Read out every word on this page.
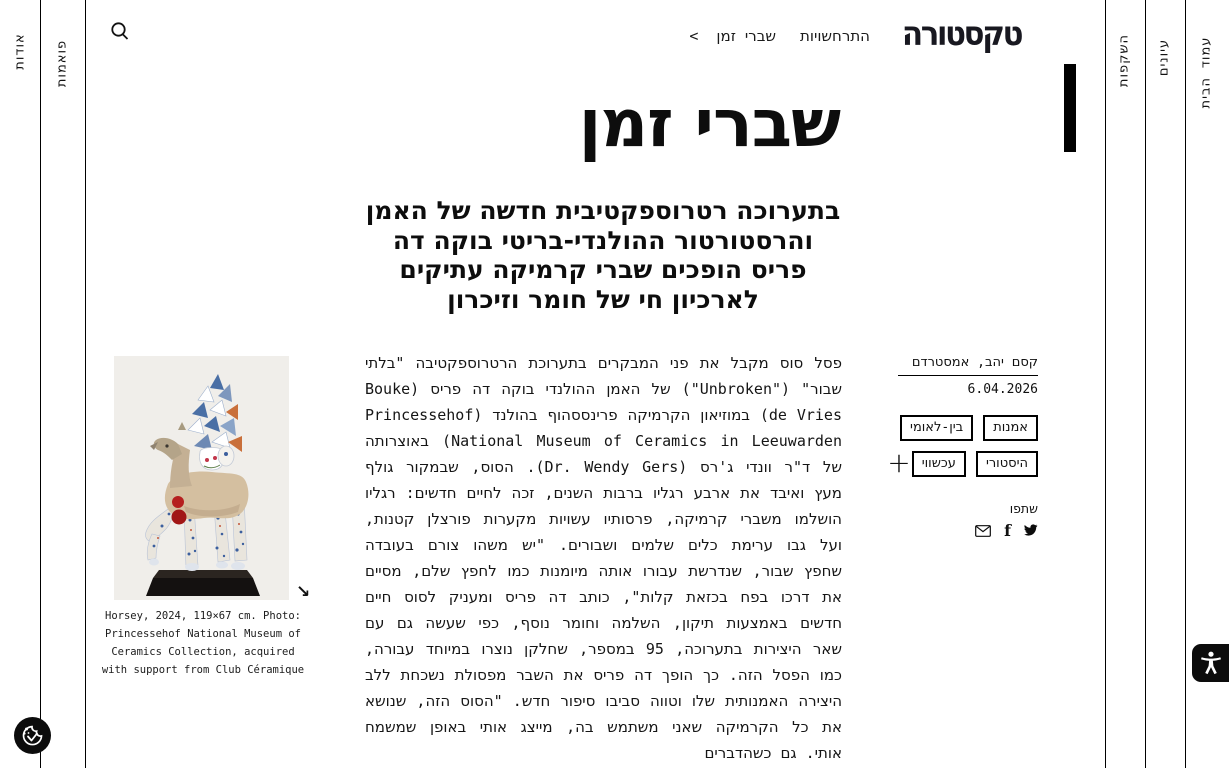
אודות פואמות	השקפות עיונים עמוד הבית
< שברי זמן התרחשויות טקסטורה
שברי זמן
בתערוכה רטרוספקטיבית חדשה של האמן והרסטורטור ההולנדי-בריטי בוקה דה פריס הופכים שברי קרמיקה עתיקים לארכיון חי של חומר וזיכרון
קסם יהב, אמסטרדם
6.04.2026
אמנות
בין-לאומי
היסטורי
עכשווי
+
שתפו
f
↘
Horsey, 2024, 119×67 cm. Photo: Princessehof National Museum of Ceramics Collection, acquired with support from Club Céramique
פסל סוס מקבל את פני המבקרים בתערוכת הרטרוספקטיבה "בלתי שבור" ("Unbroken") של האמן ההולנדי בוקה דה פריס (Bouke de Vries) במוזיאון הקרמיקה פרינססהוף בהולנד (Princessehof National Museum of Ceramics in Leeuwarden) באוצרותה של ד"ר וונדי ג'רס (Dr. Wendy Gers). הסוס, שבמקור גולף מעץ ואיבד את ארבע רגליו ברבות השנים, זכה לחיים חדשים: רגליו הושלמו משברי קרמיקה, פרסותיו עשויות מקערות פורצלן קטנות, ועל גבו ערימת כלים שלמים ושבורים. "יש משהו צורם בעובדה שחפץ שבור, שנדרשת עבורו אותה מיומנות כמו לחפץ שלם, מסיים את דרכו בפח בכזאת קלות", כותב דה פריס ומעניק לסוס חיים חדשים באמצעות תיקון, השלמה וחומר נוסף, כפי שעשה גם עם שאר היצירות בתערוכה, 95 במספר, שחלקן נוצרו במיוחד עבורה, כמו הפסל הזה. כך הופך דה פריס את השבר מפסולת נשכחת ללב היצירה האמנותית שלו וטווה סביבו סיפור חדש. "הסוס הזה, שנושא את כל הקרמיקה שאני משתמש בה, מייצג אותי באופן שמשמח אותי. גם כשהדברים
